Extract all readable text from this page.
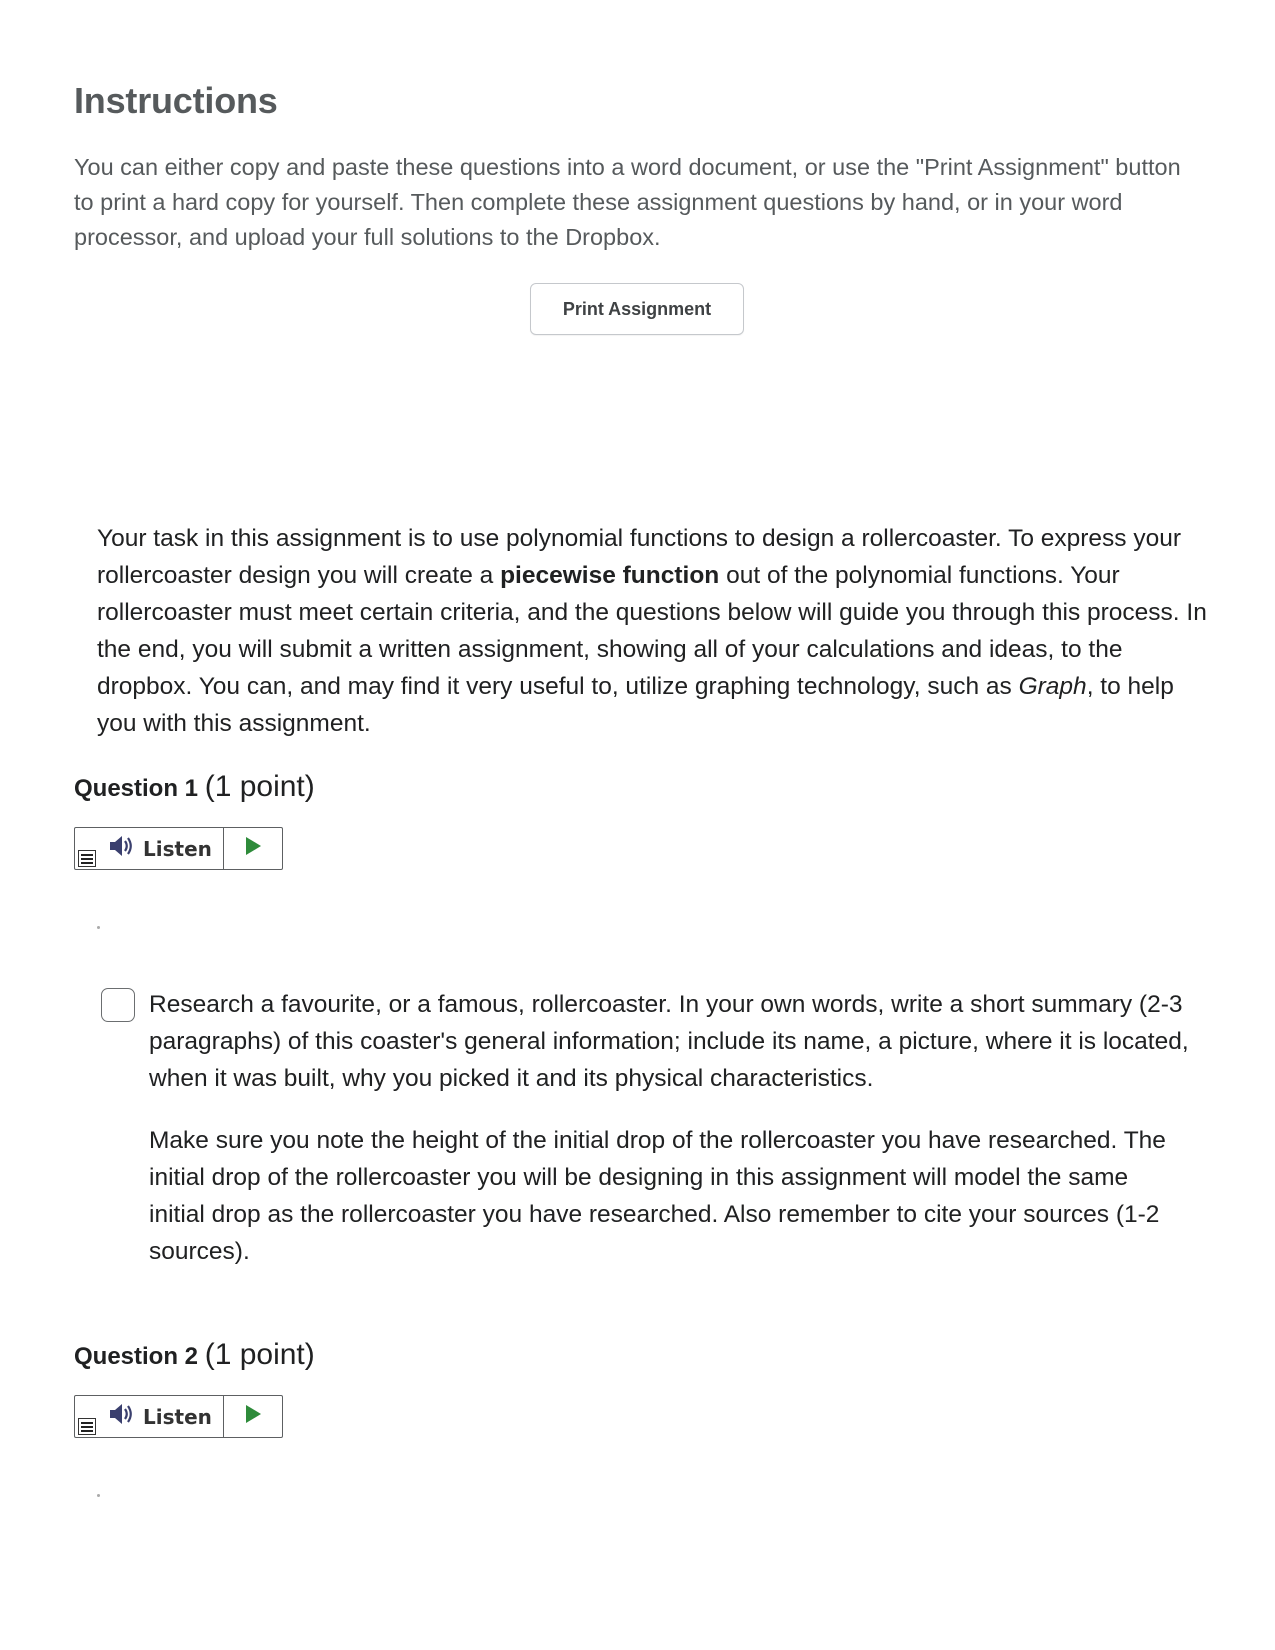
Instructions

You can either copy and paste these questions into a word document, or use the "Print Assignment" button to print a hard copy for yourself. Then complete these assignment questions by hand, or in your word processor, and upload your full solutions to the Dropbox.

Print Assignment

Your task in this assignment is to use polynomial functions to design a rollercoaster. To express your rollercoaster design you will create a piecewise function out of the polynomial functions. Your rollercoaster must meet certain criteria, and the questions below will guide you through this process. In the end, you will submit a written assignment, showing all of your calculations and ideas, to the dropbox. You can, and may find it very useful to, utilize graphing technology, such as Graph, to help you with this assignment.

Question 1 (1 point)
Listen

Research a favourite, or a famous, rollercoaster. In your own words, write a short summary (2-3 paragraphs) of this coaster's general information; include its name, a picture, where it is located, when it was built, why you picked it and its physical characteristics.

Make sure you note the height of the initial drop of the rollercoaster you have researched. The initial drop of the rollercoaster you will be designing in this assignment will model the same initial drop as the rollercoaster you have researched. Also remember to cite your sources (1-2 sources).

Question 2 (1 point)
Listen
